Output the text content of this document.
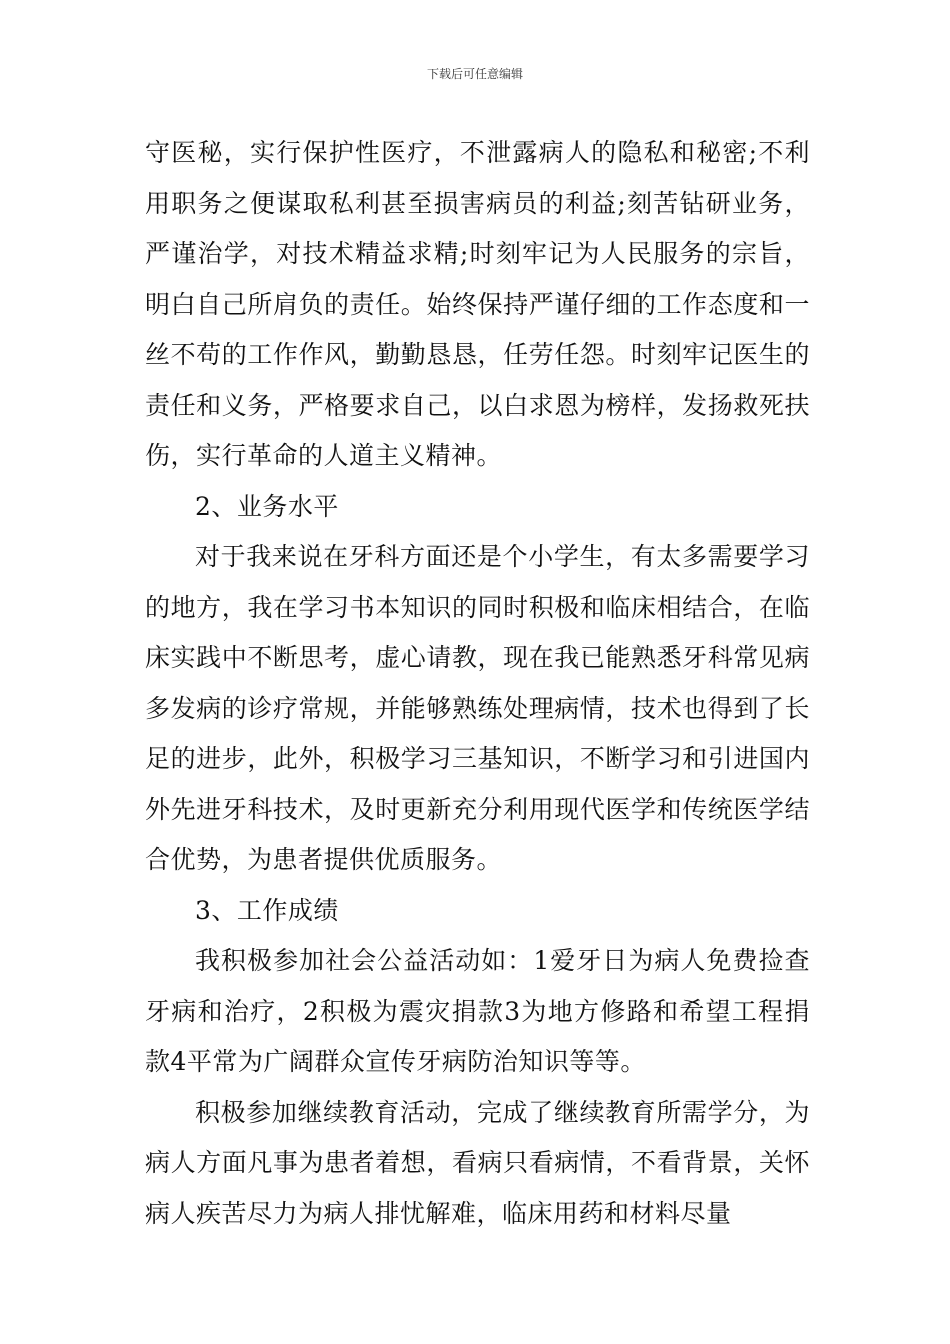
下载后可任意编辑

守医秘，实行保护性医疗，不泄露病人的隐私和秘密;不利用职务之便谋取私利甚至损害病员的利益;刻苦钻研业务，严谨治学，对技术精益求精;时刻牢记为人民服务的宗旨，明白自己所肩负的责任。始终保持严谨仔细的工作态度和一丝不苟的工作作风，勤勤恳恳，任劳任怨。时刻牢记医生的责任和义务，严格要求自己，以白求恩为榜样，发扬救死扶伤，实行革命的人道主义精神。

2、业务水平

对于我来说在牙科方面还是个小学生，有太多需要学习的地方，我在学习书本知识的同时积极和临床相结合，在临床实践中不断思考，虚心请教，现在我已能熟悉牙科常见病多发病的诊疗常规，并能够熟练处理病情，技术也得到了长足的进步，此外，积极学习三基知识，不断学习和引进国内外先进牙科技术，及时更新充分利用现代医学和传统医学结合优势，为患者提供优质服务。

3、工作成绩

我积极参加社会公益活动如：1爱牙日为病人免费捡查牙病和治疗，2积极为震灾捐款3为地方修路和希望工程捐款4平常为广阔群众宣传牙病防治知识等等。

积极参加继续教育活动，完成了继续教育所需学分，为病人方面凡事为患者着想，看病只看病情，不看背景，关怀病人疾苦尽力为病人排忧解难，临床用药和材料尽量
